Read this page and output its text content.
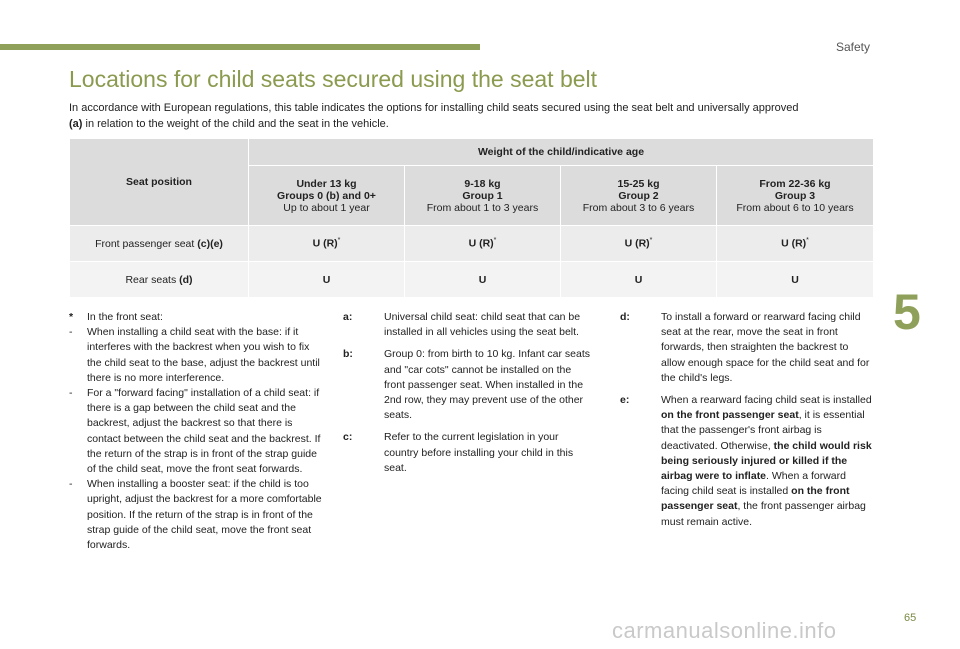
Safety
Locations for child seats secured using the seat belt
In accordance with European regulations, this table indicates the options for installing child seats secured using the seat belt and universally approved
(a) in relation to the weight of the child and the seat in the vehicle.
Seat position	Weight of the child/indicative age			
	Under 13 kg
Groups 0 (b) and 0+
Up to about 1 year	9-18 kg
Group 1
From about 1 to 3 years	15-25 kg
Group 2
From about 3 to 6 years	From 22-36 kg
Group 3
From about 6 to 10 years
Front passenger seat (c)(e)	U (R)*	U (R)*	U (R)*	U (R)*
Rear seats (d)	U	U	U	U
* In the front seat:
- When installing a child seat with the base: if it interferes with the backrest when you wish to fix the child seat to the base, adjust the backrest until there is no more interference.
- For a "forward facing" installation of a child seat: if there is a gap between the child seat and the backrest, adjust the backrest so that there is contact between the child seat and the backrest. If the return of the strap is in front of the strap guide of the child seat, move the front seat forwards.
- When installing a booster seat: if the child is too upright, adjust the backrest for a more comfortable position. If the return of the strap is in front of the strap guide of the child seat, move the front seat forwards.
a:	Universal child seat: child seat that can be installed in all vehicles using the seat belt.
b:	Group 0: from birth to 10 kg. Infant car seats and "car cots" cannot be installed on the front passenger seat. When installed in the 2nd row, they may prevent use of the other seats.
c:	Refer to the current legislation in your country before installing your child in this seat.
d:	To install a forward or rearward facing child seat at the rear, move the seat in front forwards, then straighten the backrest to allow enough space for the child seat and for the child's legs.
e:	When a rearward facing child seat is installed on the front passenger seat, it is essential that the passenger's front airbag is deactivated. Otherwise, the child would risk being seriously injured or killed if the airbag were to inflate. When a forward facing child seat is installed on the front passenger seat, the front passenger airbag must remain active.
5
65
carmanualsonline.info
